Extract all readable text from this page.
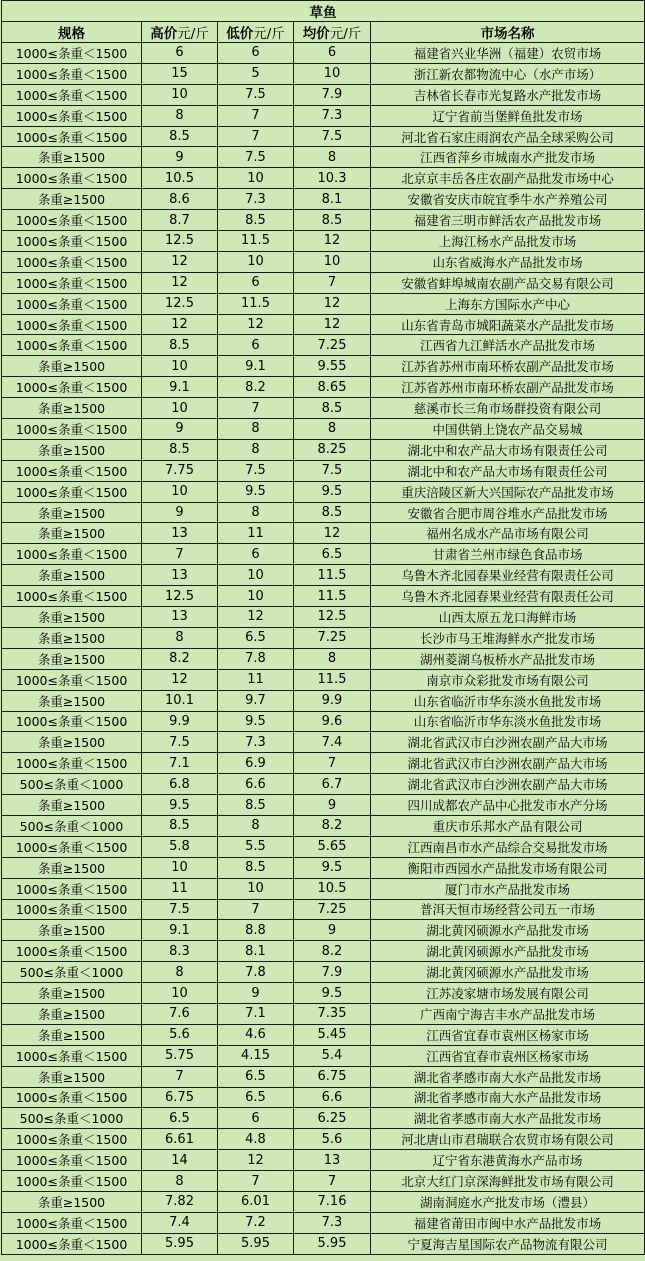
草鱼				
规格	高价元/斤	低价元/斤	均价元/斤	市场名称
1000≤条重＜1500	6	6	6	福建省兴业华洲（福建）农贸市场
1000≤条重＜1500	15	5	10	浙江新农都物流中心（水产市场）
1000≤条重＜1500	10	7.5	7.9	吉林省长春市光复路水产批发市场
1000≤条重＜1500	8	7	7.3	辽宁省前当堡鲜鱼批发市场
1000≤条重＜1500	8.5	7	7.5	河北省石家庄雨润农产品全球采购公司
条重≥1500	9	7.5	8	江西省萍乡市城南水产批发市场
1000≤条重＜1500	10.5	10	10.3	北京京丰岳各庄农副产品批发市场中心
条重≥1500	8.6	7.3	8.1	安徽省安庆市皖宜季牛水产养殖公司
1000≤条重＜1500	8.7	8.5	8.5	福建省三明市鲜活农产品批发市场
1000≤条重＜1500	12.5	11.5	12	上海江杨水产品批发市场
1000≤条重＜1500	12	10	10	山东省威海水产品批发市场
1000≤条重＜1500	12	6	7	安徽省蚌埠城南农副产品交易有限公司
1000≤条重＜1500	12.5	11.5	12	上海东方国际水产中心
1000≤条重＜1500	12	12	12	山东省青岛市城阳蔬菜水产品批发市场
1000≤条重＜1500	8.5	6	7.25	江西省九江鲜活水产品批发市场
条重≥1500	10	9.1	9.55	江苏省苏州市南环桥农副产品批发市场
1000≤条重＜1500	9.1	8.2	8.65	江苏省苏州市南环桥农副产品批发市场
条重≥1500	10	7	8.5	慈溪市长三角市场群投资有限公司
1000≤条重＜1500	9	8	8	中国供销上饶农产品交易城
条重≥1500	8.5	8	8.25	湖北中和农产品大市场有限责任公司
1000≤条重＜1500	7.75	7.5	7.5	湖北中和农产品大市场有限责任公司
1000≤条重＜1500	10	9.5	9.5	重庆涪陵区新大兴国际农产品批发市场
条重≥1500	9	8	8.5	安徽省合肥市周谷堆水产品批发市场
条重≥1500	13	11	12	福州名成水产品市场有限公司
1000≤条重＜1500	7	6	6.5	甘肃省兰州市绿色食品市场
条重≥1500	13	10	11.5	乌鲁木齐北园春果业经营有限责任公司
1000≤条重＜1500	12.5	10	11.5	乌鲁木齐北园春果业经营有限责任公司
条重≥1500	13	12	12.5	山西太原五龙口海鲜市场
条重≥1500	8	6.5	7.25	长沙市马王堆海鲜水产批发市场
条重≥1500	8.2	7.8	8	湖州菱湖乌板桥水产品批发市场
1000≤条重＜1500	12	11	11.5	南京市众彩批发市场有限公司
条重≥1500	10.1	9.7	9.9	山东省临沂市华东淡水鱼批发市场
1000≤条重＜1500	9.9	9.5	9.6	山东省临沂市华东淡水鱼批发市场
条重≥1500	7.5	7.3	7.4	湖北省武汉市白沙洲农副产品大市场
1000≤条重＜1500	7.1	6.9	7	湖北省武汉市白沙洲农副产品大市场
500≤条重＜1000	6.8	6.6	6.7	湖北省武汉市白沙洲农副产品大市场
条重≥1500	9.5	8.5	9	四川成都农产品中心批发市水产分场
500≤条重＜1000	8.5	8	8.2	重庆市乐邦水产品有限公司
1000≤条重＜1500	5.8	5.5	5.65	江西南昌市水产品综合交易批发市场
条重≥1500	10	8.5	9.5	衡阳市西园水产品批发市场有限公司
1000≤条重＜1500	11	10	10.5	厦门市水产品批发市场
1000≤条重＜1500	7.5	7	7.25	普洱天恒市场经营公司五一市场
条重≥1500	9.1	8.8	9	湖北黄冈硕源水产品批发市场
1000≤条重＜1500	8.3	8.1	8.2	湖北黄冈硕源水产品批发市场
500≤条重＜1000	8	7.8	7.9	湖北黄冈硕源水产品批发市场
条重≥1500	10	9	9.5	江苏凌家塘市场发展有限公司
条重≥1500	7.6	7.1	7.35	广西南宁海吉丰水产品批发市场
条重≥1500	5.6	4.6	5.45	江西省宜春市袁州区杨家市场
1000≤条重＜1500	5.75	4.15	5.4	江西省宜春市袁州区杨家市场
条重≥1500	7	6.5	6.75	湖北省孝感市南大水产品批发市场
1000≤条重＜1500	6.75	6.5	6.6	湖北省孝感市南大水产品批发市场
500≤条重＜1000	6.5	6	6.25	湖北省孝感市南大水产品批发市场
1000≤条重＜1500	6.61	4.8	5.6	河北唐山市君瑞联合农贸市场有限公司
1000≤条重＜1500	14	12	13	辽宁省东港黄海水产品市场
1000≤条重＜1500	8	7	7	北京大红门京深海鲜批发市场有限公司
条重≥1500	7.82	6.01	7.16	湖南洞庭水产批发市场（澧县）
1000≤条重＜1500	7.4	7.2	7.3	福建省莆田市闽中水产品批发市场
1000≤条重＜1500	5.95	5.95	5.95	宁夏海吉星国际农产品物流有限公司
